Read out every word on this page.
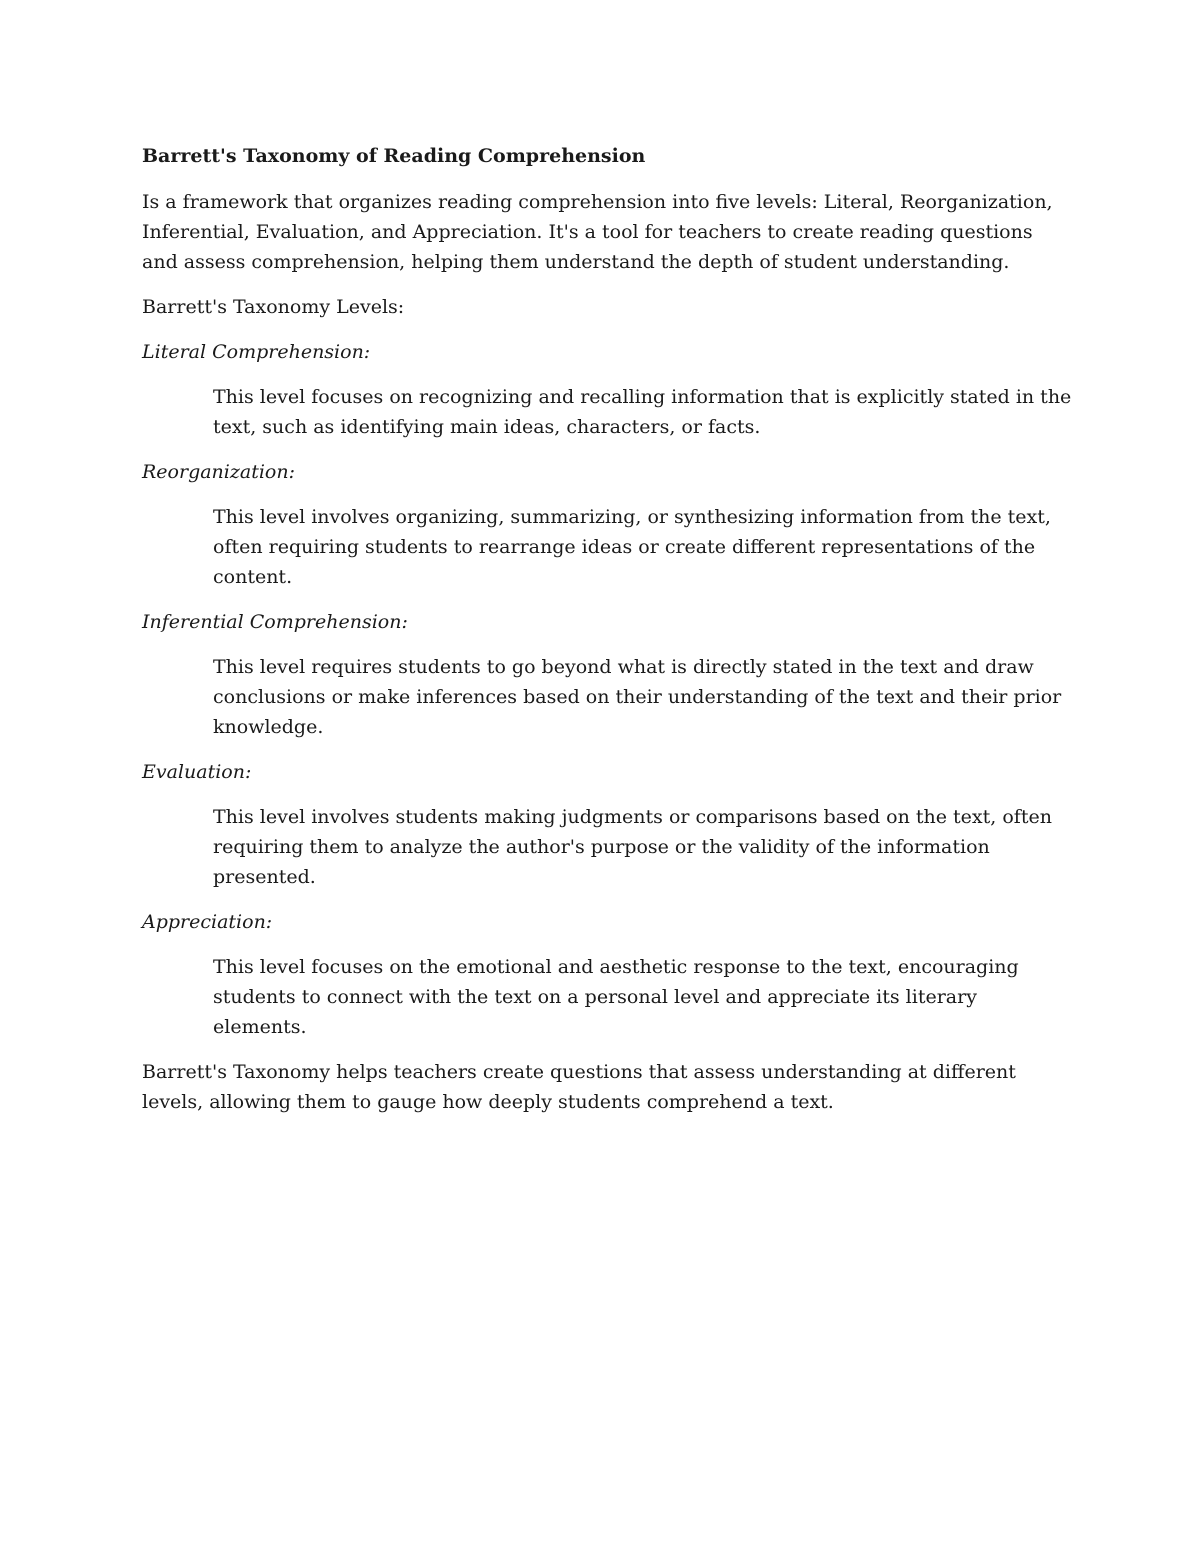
Barrett's Taxonomy of Reading Comprehension
Is a framework that organizes reading comprehension into five levels: Literal, Reorganization, Inferential, Evaluation, and Appreciation. It's a tool for teachers to create reading questions and assess comprehension, helping them understand the depth of student understanding.
Barrett's Taxonomy Levels:
Literal Comprehension:
This level focuses on recognizing and recalling information that is explicitly stated in the text, such as identifying main ideas, characters, or facts.
Reorganization:
This level involves organizing, summarizing, or synthesizing information from the text, often requiring students to rearrange ideas or create different representations of the content.
Inferential Comprehension:
This level requires students to go beyond what is directly stated in the text and draw conclusions or make inferences based on their understanding of the text and their prior knowledge.
Evaluation:
This level involves students making judgments or comparisons based on the text, often requiring them to analyze the author's purpose or the validity of the information presented.
Appreciation:
This level focuses on the emotional and aesthetic response to the text, encouraging students to connect with the text on a personal level and appreciate its literary elements.
Barrett's Taxonomy helps teachers create questions that assess understanding at different levels, allowing them to gauge how deeply students comprehend a text.
